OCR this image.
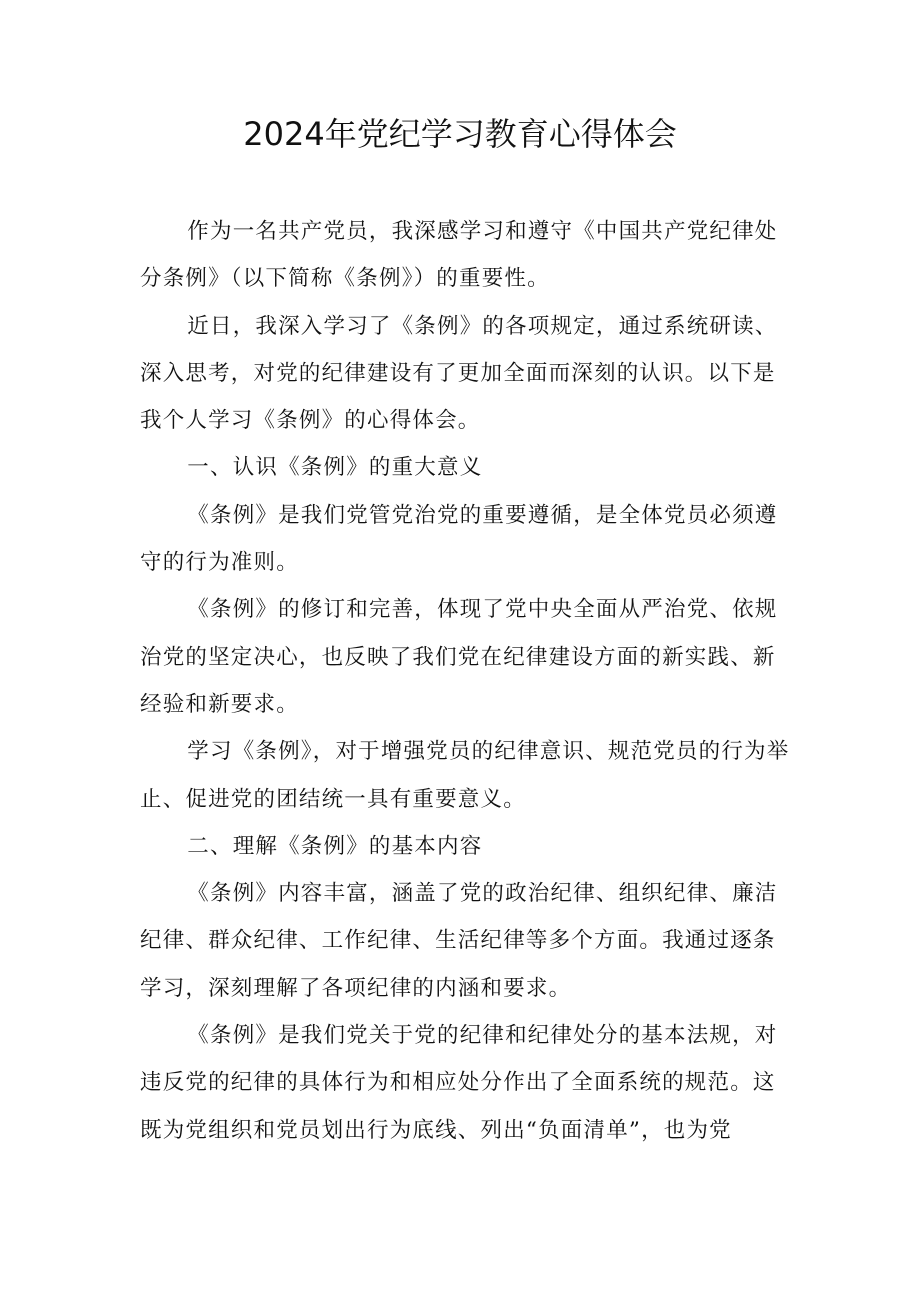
2024年党纪学习教育心得体会

作为一名共产党员，我深感学习和遵守《中国共产党纪律处分条例》（以下简称《条例》）的重要性。

近日，我深入学习了《条例》的各项规定，通过系统研读、深入思考，对党的纪律建设有了更加全面而深刻的认识。以下是我个人学习《条例》的心得体会。

一、认识《条例》的重大意义

《条例》是我们党管党治党的重要遵循，是全体党员必须遵守的行为准则。

《条例》的修订和完善，体现了党中央全面从严治党、依规治党的坚定决心，也反映了我们党在纪律建设方面的新实践、新经验和新要求。

学习《条例》，对于增强党员的纪律意识、规范党员的行为举止、促进党的团结统一具有重要意义。

二、理解《条例》的基本内容

《条例》内容丰富，涵盖了党的政治纪律、组织纪律、廉洁纪律、群众纪律、工作纪律、生活纪律等多个方面。我通过逐条学习，深刻理解了各项纪律的内涵和要求。

《条例》是我们党关于党的纪律和纪律处分的基本法规，对违反党的纪律的具体行为和相应处分作出了全面系统的规范。这既为党组织和党员划出行为底线、列出“负面清单”，也为党
